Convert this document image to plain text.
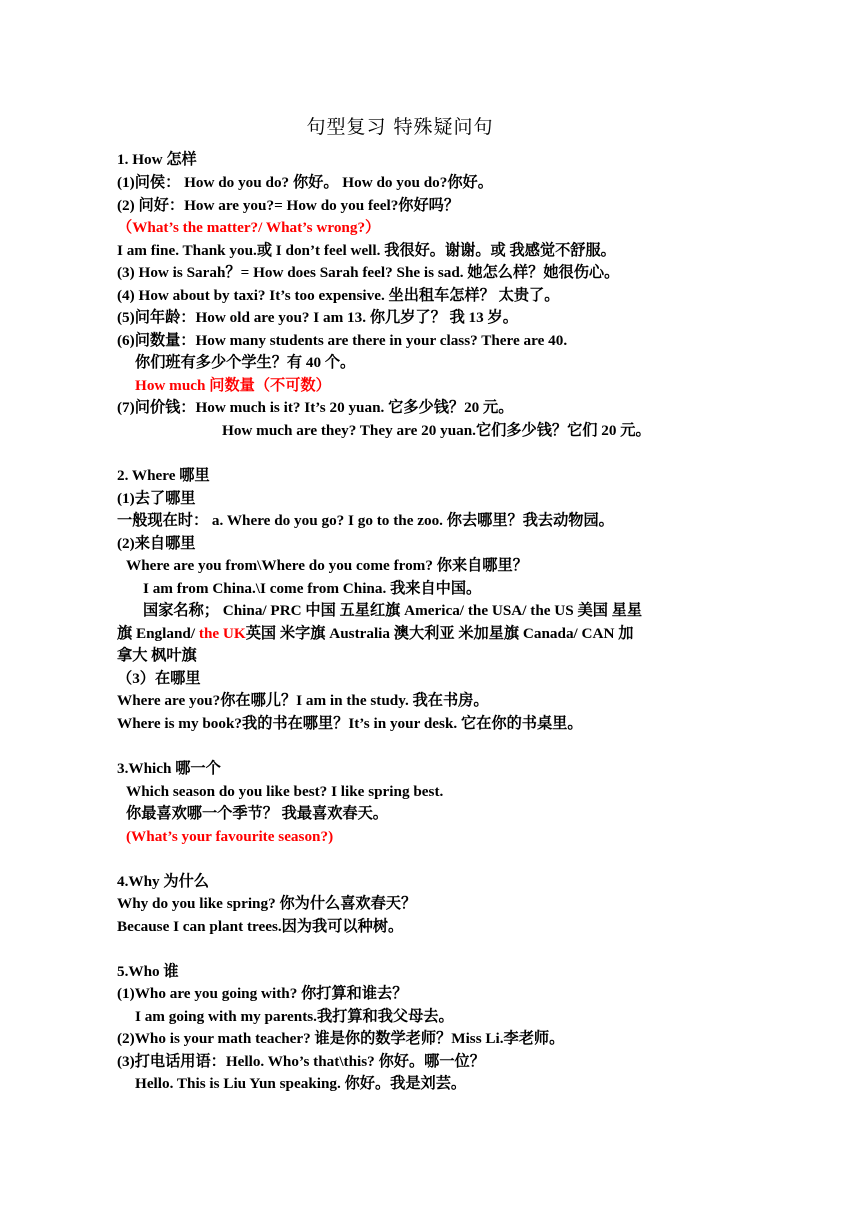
句型复习 特殊疑问句
1. How 怎样
(1)问侯： How do you do? 你好。 How do you do?你好。
(2) 问好：How are you?= How do you feel?你好吗？
（What’s the matter?/ What’s wrong?）
I am fine. Thank you.或 I don’t feel well. 我很好。谢谢。或 我感觉不舒服。
(3) How is Sarah？= How does Sarah feel? She is sad. 她怎么样？她很伤心。
(4) How about by taxi? It’s too expensive. 坐出租车怎样？ 太贵了。
(5)问年龄：How old are you? I am 13. 你几岁了？ 我 13 岁。
(6)问数量：How many students are there in your class? There are 40.
你们班有多少个学生？有 40 个。
How much 问数量（不可数）
(7)问价钱：How much is it? It’s 20 yuan. 它多少钱？20 元。
How much are they? They are 20 yuan.它们多少钱？它们 20 元。
2. Where 哪里
(1)去了哪里
一般现在时： a. Where do you go? I go to the zoo. 你去哪里？我去动物园。
(2)来自哪里
Where are you from\Where do you come from? 你来自哪里？
I am from China.\I come from China. 我来自中国。
国家名称； China/ PRC 中国 五星红旗 America/ the USA/ the US 美国 星星
旗 England/ the UK英国 米字旗 Australia 澳大利亚 米加星旗 Canada/ CAN 加
拿大 枫叶旗
（3）在哪里
Where are you?你在哪儿？I am in the study. 我在书房。
Where is my book?我的书在哪里？It’s in your desk. 它在你的书桌里。
3.Which 哪一个
Which season do you like best? I like spring best.
你最喜欢哪一个季节？ 我最喜欢春天。
(What’s your favourite season?)
4.Why 为什么
Why do you like spring? 你为什么喜欢春天？
Because I can plant trees.因为我可以种树。
5.Who 谁
(1)Who are you going with? 你打算和谁去？
I am going with my parents.我打算和我父母去。
(2)Who is your math teacher? 谁是你的数学老师？Miss Li.李老师。
(3)打电话用语：Hello. Who’s that\this? 你好。哪一位？
Hello. This is Liu Yun speaking. 你好。我是刘芸。
